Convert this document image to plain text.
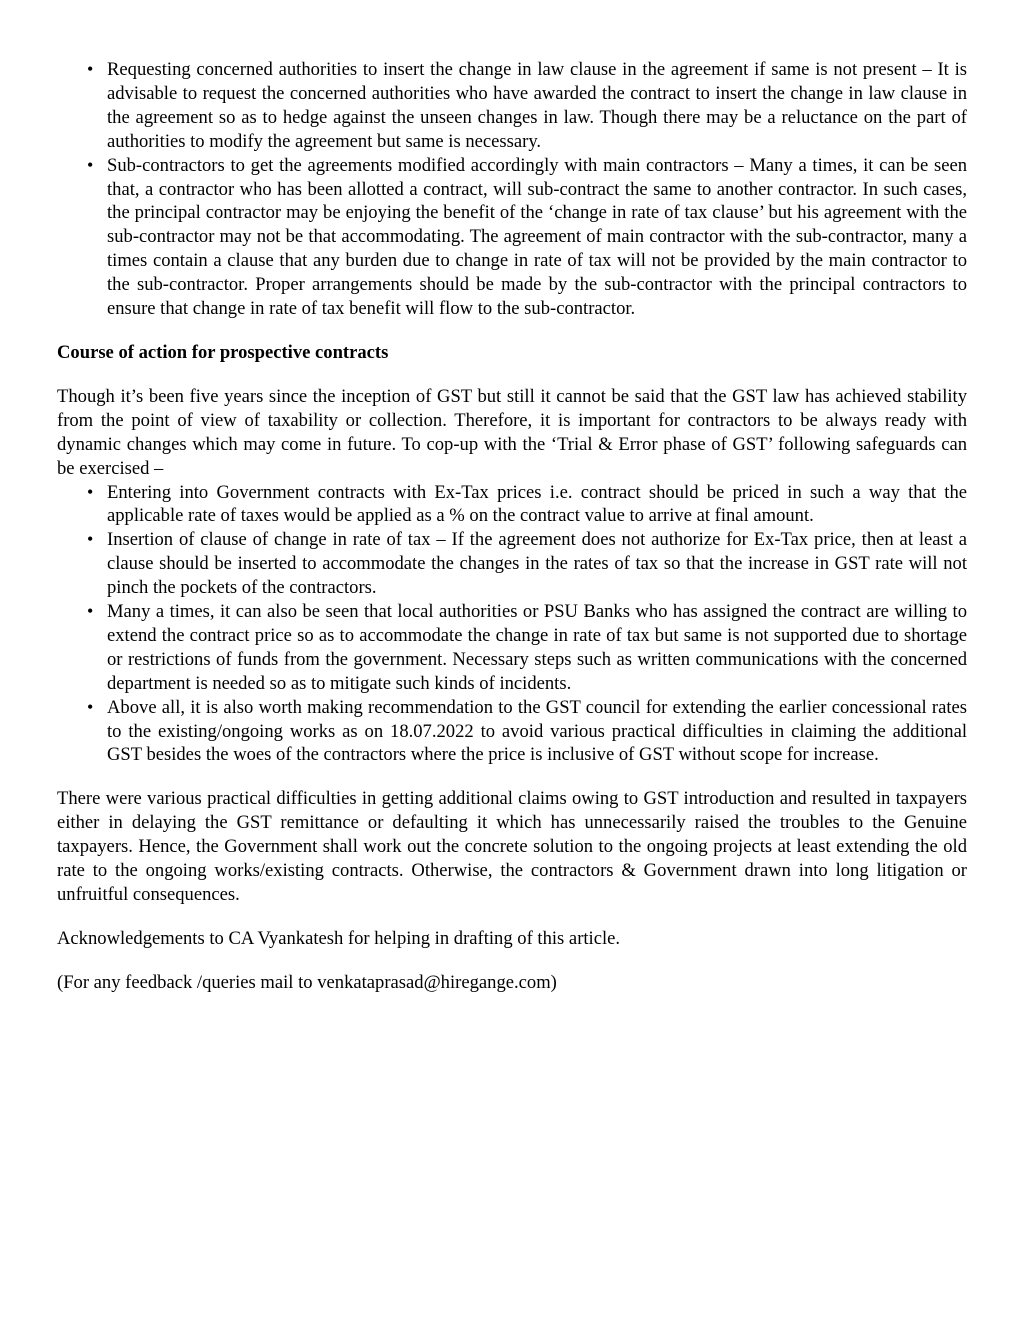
• Requesting concerned authorities to insert the change in law clause in the agreement if same is not present – It is advisable to request the concerned authorities who have awarded the contract to insert the change in law clause in the agreement so as to hedge against the unseen changes in law. Though there may be a reluctance on the part of authorities to modify the agreement but same is necessary.
• Sub-contractors to get the agreements modified accordingly with main contractors – Many a times, it can be seen that, a contractor who has been allotted a contract, will sub-contract the same to another contractor. In such cases, the principal contractor may be enjoying the benefit of the ‘change in rate of tax clause’ but his agreement with the sub-contractor may not be that accommodating. The agreement of main contractor with the sub-contractor, many a times contain a clause that any burden due to change in rate of tax will not be provided by the main contractor to the sub-contractor. Proper arrangements should be made by the sub-contractor with the principal contractors to ensure that change in rate of tax benefit will flow to the sub-contractor.

Course of action for prospective contracts

Though it’s been five years since the inception of GST but still it cannot be said that the GST law has achieved stability from the point of view of taxability or collection. Therefore, it is important for contractors to be always ready with dynamic changes which may come in future. To cop-up with the ‘Trial & Error phase of GST’ following safeguards can be exercised –

• Entering into Government contracts with Ex-Tax prices i.e. contract should be priced in such a way that the applicable rate of taxes would be applied as a % on the contract value to arrive at final amount.
• Insertion of clause of change in rate of tax – If the agreement does not authorize for Ex-Tax price, then at least a clause should be inserted to accommodate the changes in the rates of tax so that the increase in GST rate will not pinch the pockets of the contractors.
• Many a times, it can also be seen that local authorities or PSU Banks who has assigned the contract are willing to extend the contract price so as to accommodate the change in rate of tax but same is not supported due to shortage or restrictions of funds from the government. Necessary steps such as written communications with the concerned department is needed so as to mitigate such kinds of incidents.
• Above all, it is also worth making recommendation to the GST council for extending the earlier concessional rates to the existing/ongoing works as on 18.07.2022 to avoid various practical difficulties in claiming the additional GST besides the woes of the contractors where the price is inclusive of GST without scope for increase.

There were various practical difficulties in getting additional claims owing to GST introduction and resulted in taxpayers either in delaying the GST remittance or defaulting it which has unnecessarily raised the troubles to the Genuine taxpayers. Hence, the Government shall work out the concrete solution to the ongoing projects at least extending the old rate to the ongoing works/existing contracts. Otherwise, the contractors & Government drawn into long litigation or unfruitful consequences.

Acknowledgements to CA Vyankatesh for helping in drafting of this article.

(For any feedback /queries mail to venkataprasad@hiregange.com)
